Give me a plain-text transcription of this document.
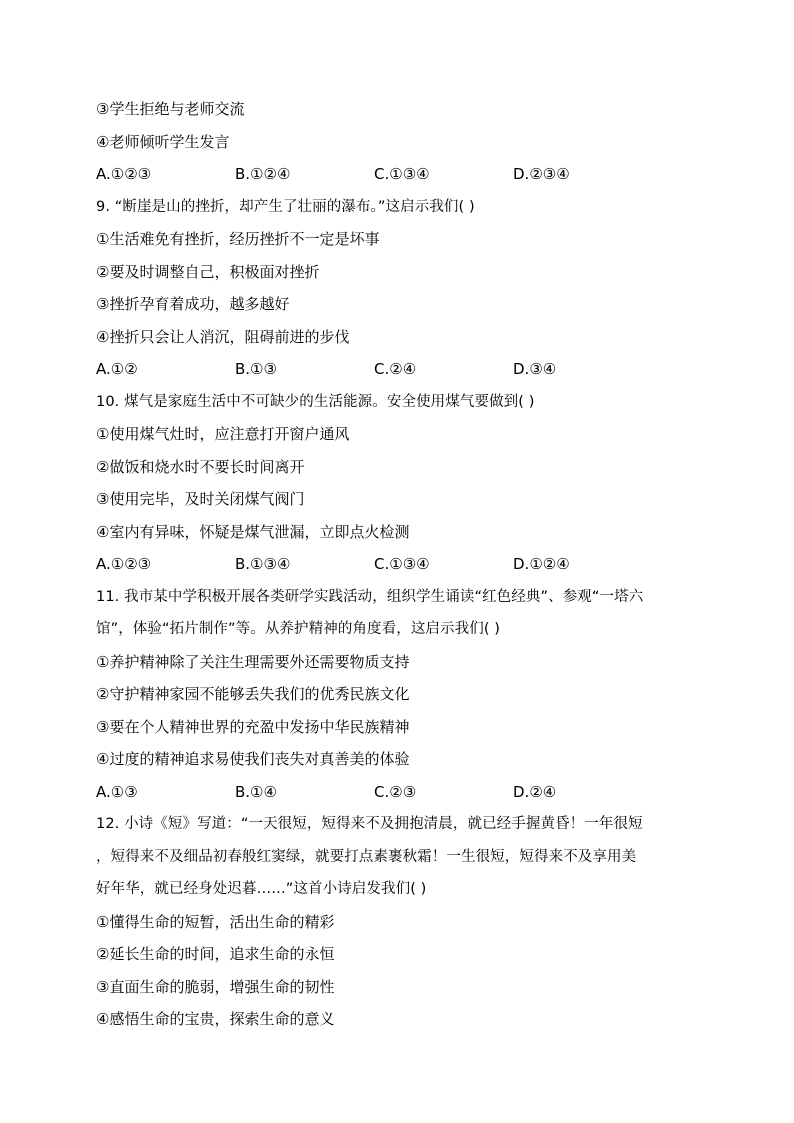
③学生拒绝与老师交流
④老师倾听学生发言
A.①②③	B.①②④	C.①③④	D.②③④
9. “断崖是山的挫折，却产生了壮丽的瀑布。”这启示我们( )
①生活难免有挫折，经历挫折不一定是坏事
②要及时调整自己，积极面对挫折
③挫折孕育着成功，越多越好
④挫折只会让人消沉，阻碍前进的步伐
A.①②	B.①③	C.②④	D.③④
10. 煤气是家庭生活中不可缺少的生活能源。安全使用煤气要做到( )
①使用煤气灶时，应注意打开窗户通风
②做饭和烧水时不要长时间离开
③使用完毕，及时关闭煤气阀门
④室内有异味，怀疑是煤气泄漏，立即点火检测
A.①②③	B.①③④	C.①③④	D.①②④
11. 我市某中学积极开展各类研学实践活动，组织学生诵读“红色经典”、参观“一塔六
馆”，体验“拓片制作”等。从养护精神的角度看，这启示我们( )
①养护精神除了关注生理需要外还需要物质支持
②守护精神家园不能够丢失我们的优秀民族文化
③要在个人精神世界的充盈中发扬中华民族精神
④过度的精神追求易使我们丧失对真善美的体验
A.①③	B.①④	C.②③	D.②④
12. 小诗《短》写道：“一天很短，短得来不及拥抱清晨，就已经手握黄昏！一年很短
，短得来不及细品初春般红窦绿，就要打点素裹秋霜！一生很短，短得来不及享用美
好年华，就已经身处迟暮……”这首小诗启发我们( )
①懂得生命的短暂，活出生命的精彩
②延长生命的时间，追求生命的永恒
③直面生命的脆弱，增强生命的韧性
④感悟生命的宝贵，探索生命的意义
